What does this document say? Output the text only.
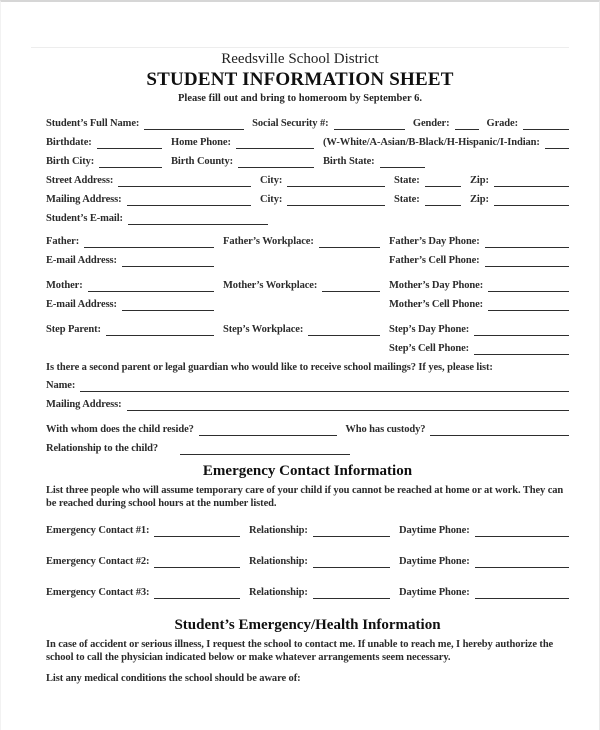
Reedsville School District
STUDENT INFORMATION SHEET
Please fill out and bring to homeroom by September 6.
Student’s Full Name:	Social Security #:	Gender:	Grade:
Birthdate:	Home Phone:	(W-White/A-Asian/B-Black/H-Hispanic/I-Indian:
Birth City:	Birth County:	Birth State:
Street Address:	City:	State:	Zip:
Mailing Address:	City:	State:	Zip:
Student’s E-mail:
Father:	Father’s Workplace:	Father’s Day Phone:
E-mail Address:	Father’s Cell Phone:
Mother:	Mother’s Workplace:	Mother’s Day Phone:
E-mail Address:	Mother’s Cell Phone:
Step Parent:	Step’s Workplace:	Step’s Day Phone:
Step’s Cell Phone:
Is there a second parent or legal guardian who would like to receive school mailings? If yes, please list:
Name:
Mailing Address:
With whom does the child reside?	Who has custody?
Relationship to the child?
Emergency Contact Information
List three people who will assume temporary care of your child if you cannot be reached at home or at work. They can be reached during school hours at the number listed.
Emergency Contact #1:	Relationship:	Daytime Phone:
Emergency Contact #2:	Relationship:	Daytime Phone:
Emergency Contact #3:	Relationship:	Daytime Phone:
Student’s Emergency/Health Information
In case of accident or serious illness, I request the school to contact me. If unable to reach me, I hereby authorize the school to call the physician indicated below or make whatever arrangements seem necessary.
List any medical conditions the school should be aware of:
